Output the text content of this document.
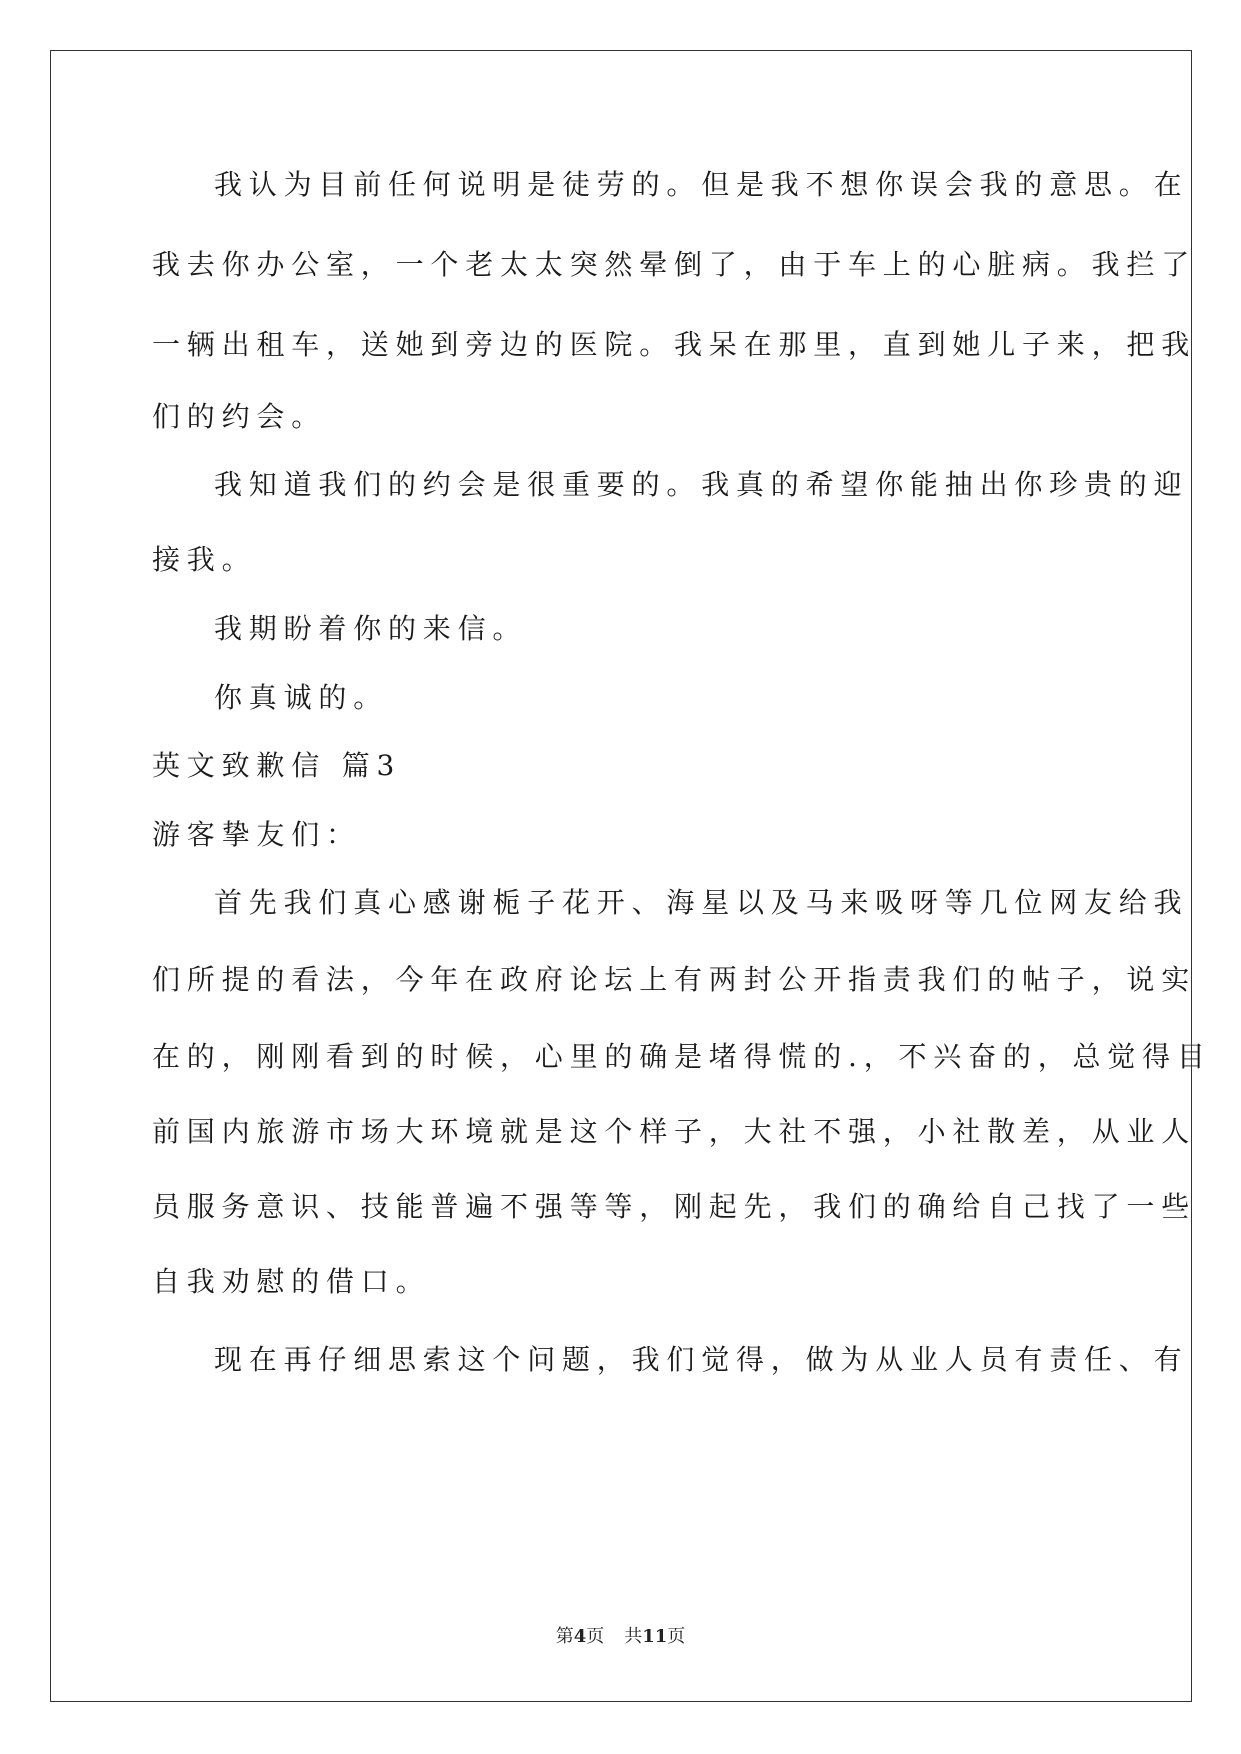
我认为目前任何说明是徒劳的。但是我不想你误会我的意思。在
我去你办公室，一个老太太突然晕倒了，由于车上的心脏病。我拦了
一辆出租车，送她到旁边的医院。我呆在那里，直到她儿子来，把我
们的约会。
我知道我们的约会是很重要的。我真的希望你能抽出你珍贵的迎
接我。
我期盼着你的来信。
你真诚的。
英文致歉信 篇3
游客挚友们：
首先我们真心感谢栀子花开、海星以及马来吸呀等几位网友给我
们所提的看法，今年在政府论坛上有两封公开指责我们的帖子，说实
在的，刚刚看到的时候，心里的确是堵得慌的.，不兴奋的，总觉得目
前国内旅游市场大环境就是这个样子，大社不强，小社散差，从业人
员服务意识、技能普遍不强等等，刚起先，我们的确给自己找了一些
自我劝慰的借口。
现在再仔细思索这个问题，我们觉得，做为从业人员有责任、有
第4页 共11页
